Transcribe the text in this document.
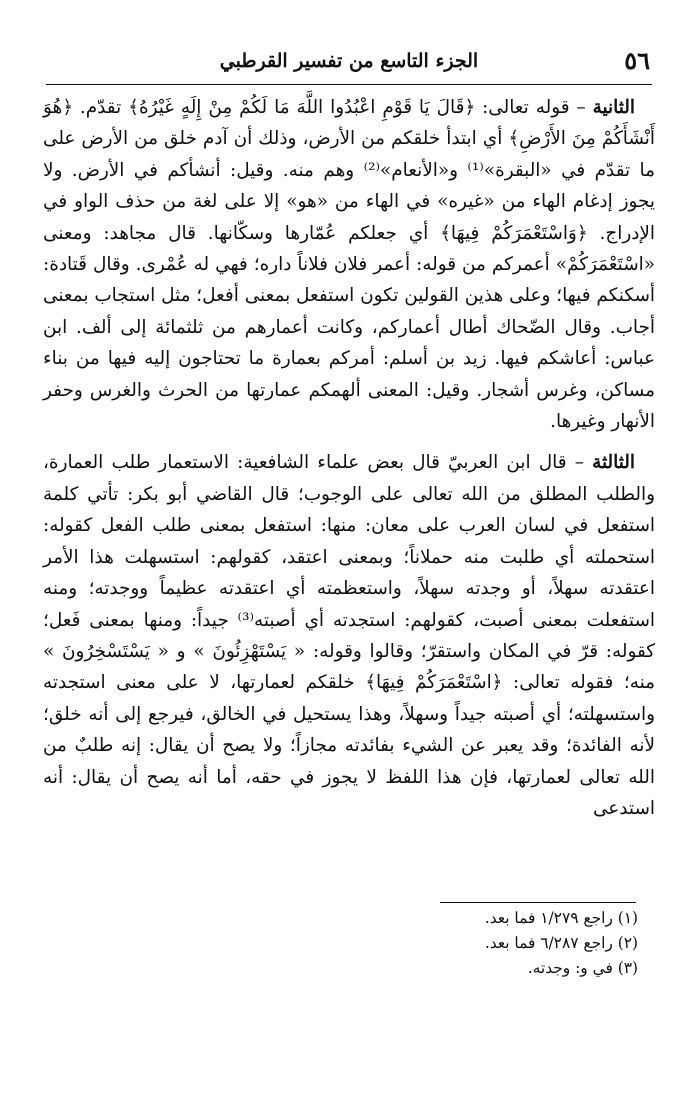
٥٦
الجزء التاسع من تفسير القرطبي

الثانية – قوله تعالى: ﴿قَالَ يَا قَوْمِ اعْبُدُوا اللَّهَ مَا لَكُمْ مِنْ إِلَهٍ غَيْرُهُ﴾ تقدّم. ﴿هُوَ أَنْشَأَكُمْ مِنَ الأَرْضِ﴾ أي ابتدأ خلقكم من الأرض، وذلك أن آدم خلق من الأرض على ما تقدّم في «البقرة»⁽¹⁾ و«الأنعام»⁽²⁾ وهم منه. وقيل: أنشأكم في الأرض. ولا يجوز إدغام الهاء من «غيره» في الهاء من «هو» إلا على لغة من حذف الواو في الإدراج. ﴿وَاسْتَعْمَرَكُمْ فِيهَا﴾ أي جعلكم عُمّارها وسكّانها. قال مجاهد: ومعنى «اسْتَعْمَرَكُمْ» أعمركم من قوله: أعمر فلان فلاناً داره؛ فهي له عُمْرى. وقال قَتادة: أسكنكم فيها؛ وعلى هذين القولين تكون استفعل بمعنى أفعل؛ مثل استجاب بمعنى أجاب. وقال الضّحاك أطال أعماركم، وكانت أعمارهم من ثلثمائة إلى ألف. ابن عباس: أعاشكم فيها. زيد بن أسلم: أمركم بعمارة ما تحتاجون إليه فيها من بناء مساكن، وغرس أشجار. وقيل: المعنى ألهمكم عمارتها من الحرث والغرس وحفر الأنهار وغيرها.

الثالثة – قال ابن العربيّ قال بعض علماء الشافعية: الاستعمار طلب العمارة، والطلب المطلق من الله تعالى على الوجوب؛ قال القاضي أبو بكر: تأتي كلمة استفعل في لسان العرب على معان: منها: استفعل بمعنى طلب الفعل كقوله: استحملته أي طلبت منه حملاناً؛ وبمعنى اعتقد، كقولهم: استسهلت هذا الأمر اعتقدته سهلاً، أو وجدته سهلاً، واستعظمته أي اعتقدته عظيماً ووجدته؛ ومنه استفعلت بمعنى أصبت، كقولهم: استجدته أي أصبته⁽³⁾ جيداً: ومنها بمعنى فَعل؛ كقوله: قرّ في المكان واستقرّ؛ وقالوا وقوله: « يَسْتَهْزِئُونَ » و « يَسْتَسْخِرُونَ » منه؛ فقوله تعالى: ﴿اسْتَعْمَرَكُمْ فِيهَا﴾ خلقكم لعمارتها، لا على معنى استجدته واستسهلته؛ أي أصبته جيداً وسهلاً، وهذا يستحيل في الخالق، فيرجع إلى أنه خلق؛ لأنه الفائدة؛ وقد يعبر عن الشيء بفائدته مجازاً؛ ولا يصح أن يقال: إنه طلبٌ من الله تعالى لعمارتها، فإن هذا اللفظ لا يجوز في حقه، أما أنه يصح أن يقال: أنه استدعى

(١) راجع ١/٢٧٩ فما بعد.
(٢) راجع ٦/٢٨٧ فما بعد.
(٣) في و: وجدته.
